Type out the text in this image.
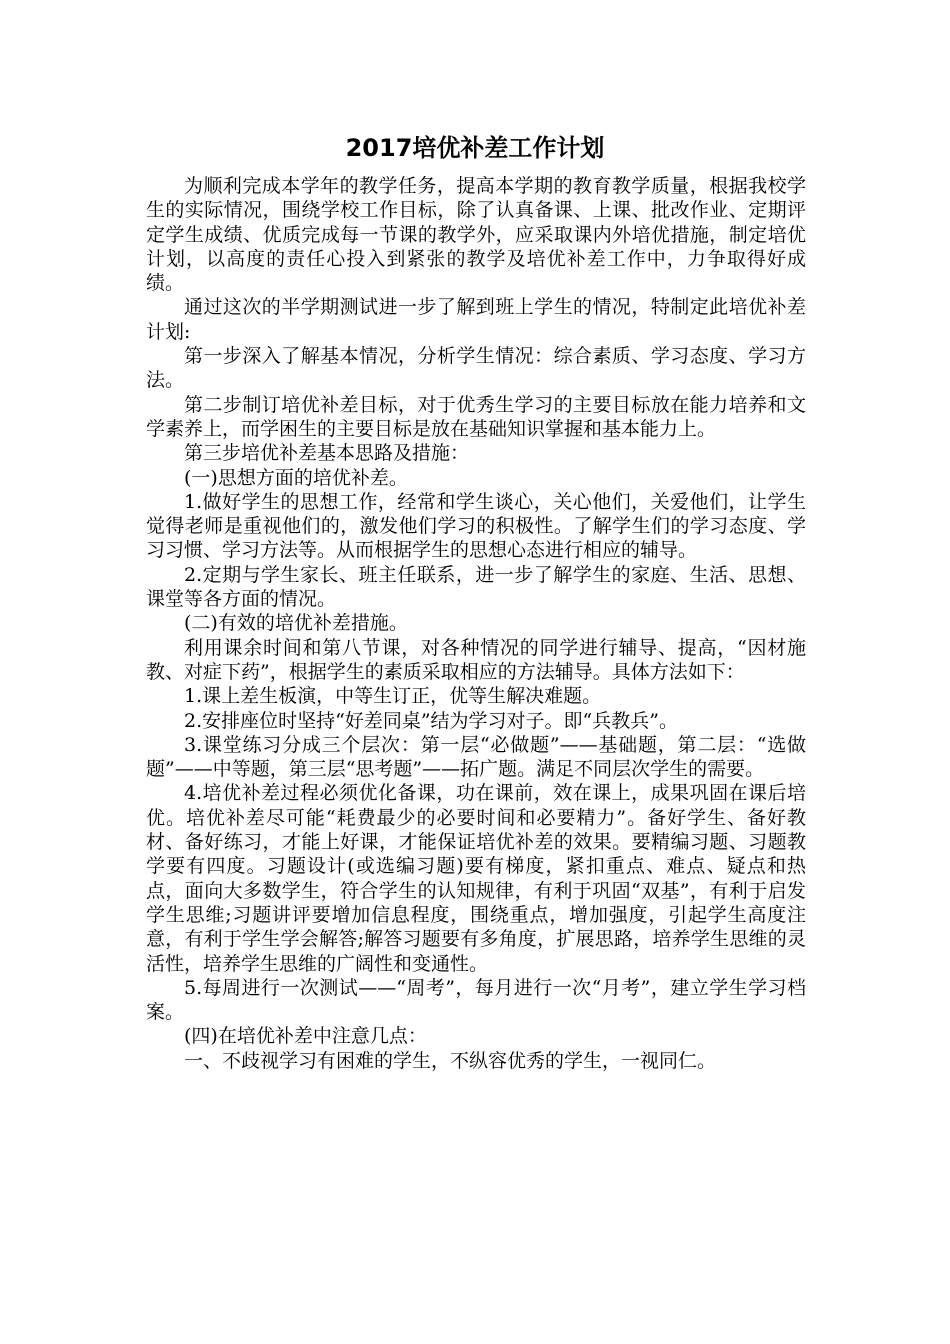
2017培优补差工作计划

为顺利完成本学年的教学任务，提高本学期的教育教学质量，根据我校学生的实际情况，围绕学校工作目标，除了认真备课、上课、批改作业、定期评定学生成绩、优质完成每一节课的教学外，应采取课内外培优措施，制定培优计划，以高度的责任心投入到紧张的教学及培优补差工作中，力争取得好成绩。

通过这次的半学期测试进一步了解到班上学生的情况，特制定此培优补差计划:

第一步深入了解基本情况，分析学生情况：综合素质、学习态度、学习方法。

第二步制订培优补差目标，对于优秀生学习的主要目标放在能力培养和文学素养上，而学困生的主要目标是放在基础知识掌握和基本能力上。

第三步培优补差基本思路及措施：

(一)思想方面的培优补差。

1.做好学生的思想工作，经常和学生谈心，关心他们，关爱他们，让学生觉得老师是重视他们的，激发他们学习的积极性。了解学生们的学习态度、学习习惯、学习方法等。从而根据学生的思想心态进行相应的辅导。

2.定期与学生家长、班主任联系，进一步了解学生的家庭、生活、思想、课堂等各方面的情况。

(二)有效的培优补差措施。

利用课余时间和第八节课，对各种情况的同学进行辅导、提高，“因材施教、对症下药”，根据学生的素质采取相应的方法辅导。具体方法如下：

1.课上差生板演，中等生订正，优等生解决难题。

2.安排座位时坚持“好差同桌”结为学习对子。即“兵教兵”。

3.课堂练习分成三个层次：第一层“必做题”——基础题，第二层：“选做题”——中等题，第三层“思考题”——拓广题。满足不同层次学生的需要。

4.培优补差过程必须优化备课，功在课前，效在课上，成果巩固在课后培优。培优补差尽可能“耗费最少的必要时间和必要精力”。备好学生、备好教材、备好练习，才能上好课，才能保证培优补差的效果。要精编习题、习题教学要有四度。习题设计(或选编习题)要有梯度，紧扣重点、难点、疑点和热点，面向大多数学生，符合学生的认知规律，有利于巩固“双基”，有利于启发学生思维;习题讲评要增加信息程度，围绕重点，增加强度，引起学生高度注意，有利于学生学会解答;解答习题要有多角度，扩展思路，培养学生思维的灵活性，培养学生思维的广阔性和变通性。

5.每周进行一次测试——“周考”，每月进行一次“月考”，建立学生学习档案。

(四)在培优补差中注意几点：

一、不歧视学习有困难的学生，不纵容优秀的学生，一视同仁。
